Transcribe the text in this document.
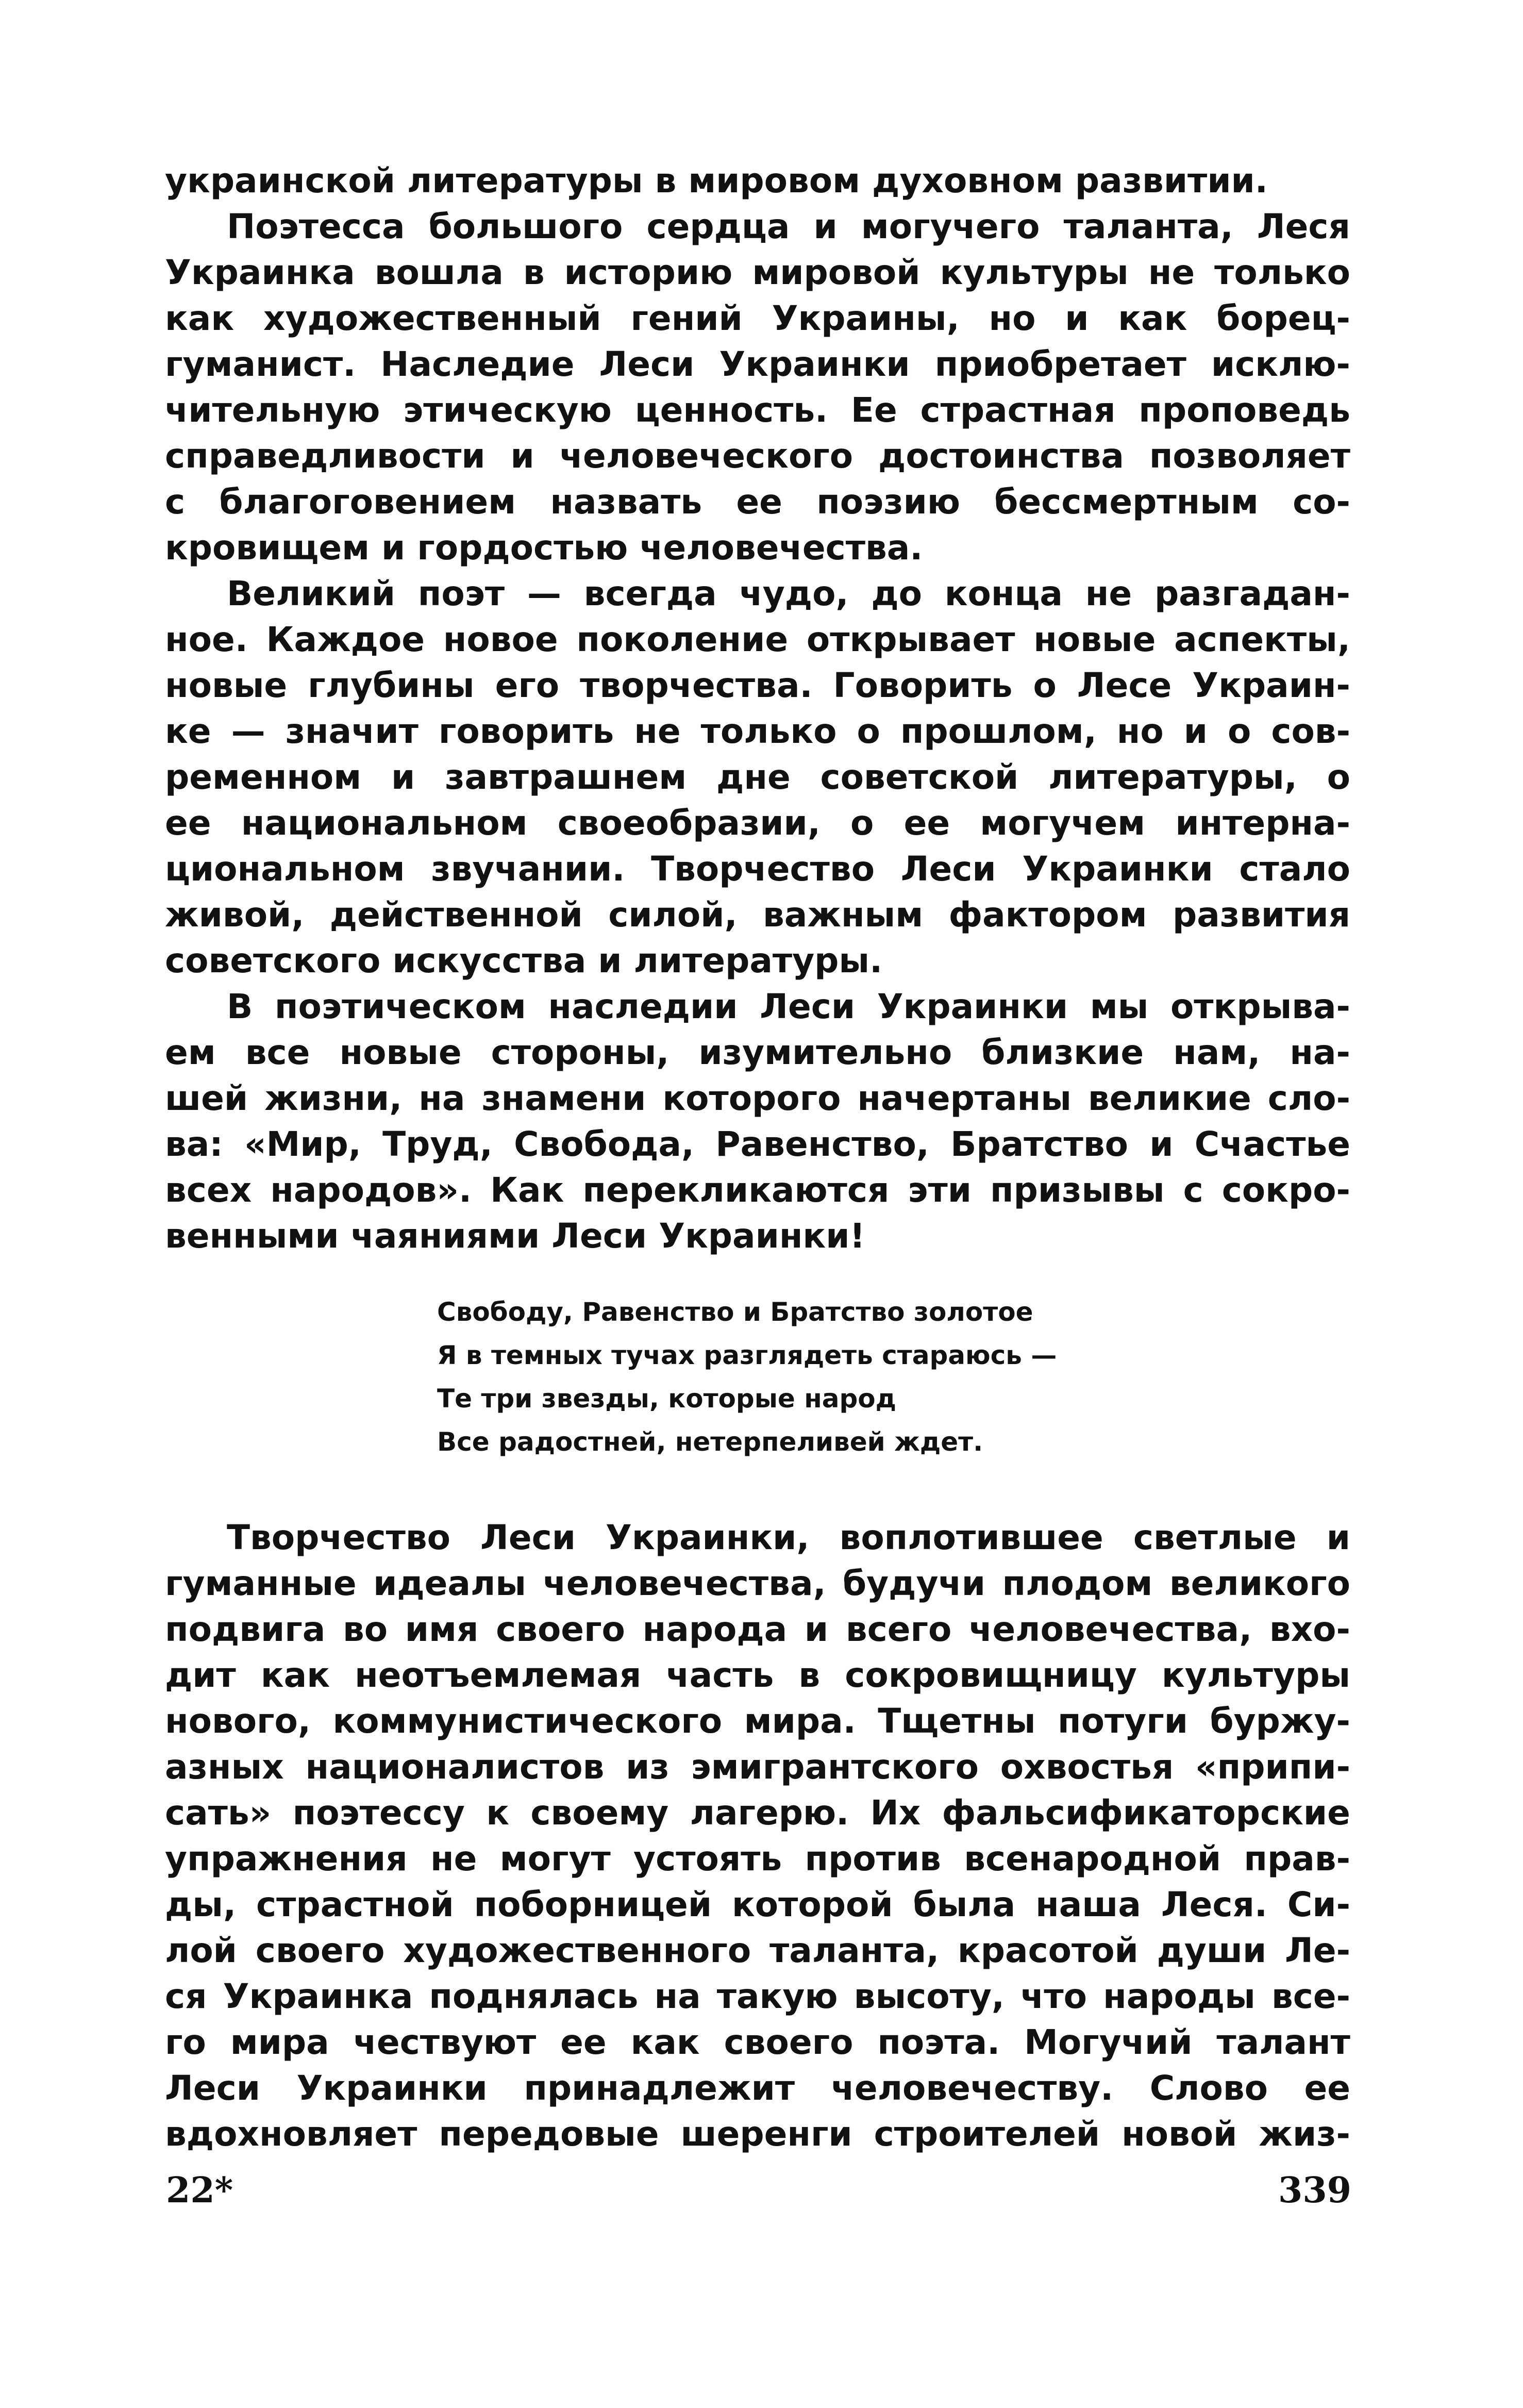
украинской литературы в мировом духовном развитии.
Поэтесса большого сердца и могучего таланта, Леся
Украинка вошла в историю мировой культуры не только
как художественный гений Украины, но и как борец-
гуманист. Наследие Леси Украинки приобретает исклю-
чительную этическую ценность. Ее страстная проповедь
справедливости и человеческого достоинства позволяет
с благоговением назвать ее поэзию бессмертным со-
кровищем и гордостью человечества.
Великий поэт — всегда чудо, до конца не разгадан-
ное. Каждое новое поколение открывает новые аспекты,
новые глубины его творчества. Говорить о Лесе Украин-
ке — значит говорить не только о прошлом, но и о сов-
ременном и завтрашнем дне советской литературы, о
ее национальном своеобразии, о ее могучем интерна-
циональном звучании. Творчество Леси Украинки стало
живой, действенной силой, важным фактором развития
советского искусства и литературы.
В поэтическом наследии Леси Украинки мы открыва-
ем все новые стороны, изумительно близкие нам, на-
шей жизни, на знамени которого начертаны великие сло-
ва: «Мир, Труд, Свобода, Равенство, Братство и Счастье
всех народов». Как перекликаются эти призывы с сокро-
венными чаяниями Леси Украинки!
Свободу, Равенство и Братство золотое
Я в темных тучах разглядеть стараюсь —
Те три звезды, которые народ
Все радостней, нетерпеливей ждет.
Творчество Леси Украинки, воплотившее светлые и
гуманные идеалы человечества, будучи плодом великого
подвига во имя своего народа и всего человечества, вхо-
дит как неотъемлемая часть в сокровищницу культуры
нового, коммунистического мира. Тщетны потуги буржу-
азных националистов из эмигрантского охвостья «припи-
сать» поэтессу к своему лагерю. Их фальсификаторские
упражнения не могут устоять против всенародной прав-
ды, страстной поборницей которой была наша Леся. Си-
лой своего художественного таланта, красотой души Ле-
ся Украинка поднялась на такую высоту, что народы все-
го мира чествуют ее как своего поэта. Могучий талант
Леси Украинки принадлежит человечеству. Слово ее
вдохновляет передовые шеренги строителей новой жиз-
22*	339
